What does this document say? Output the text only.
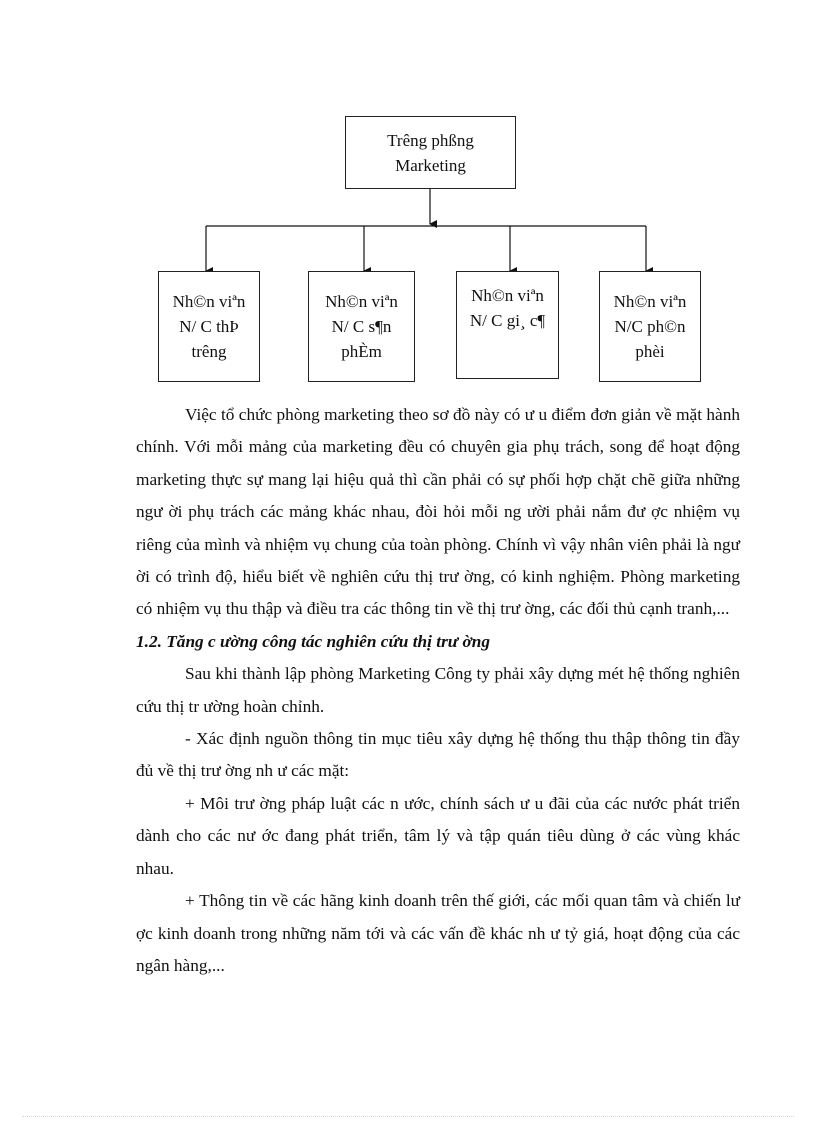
Trêng phßng
Marketing
Nh©n viªn
N/ C thÞ
trêng
Nh©n viªn
N/ C s¶n
phÈm
Nh©n viªn
N/ C gi¸ c¶
Nh©n viªn
N/C ph©n
phèi

Việc tổ chức phòng marketing theo sơ đồ này có ư u điểm đơn giản về mặt hành chính. Với mỗi mảng của marketing đều có chuyên gia phụ trách, song để hoạt động marketing thực sự mang lại hiệu quả thì cần phải có sự phối hợp chặt chẽ giữa những ngư ời phụ trách các mảng khác nhau, đòi hỏi mỗi ng ười phải nắm đư ợc nhiệm vụ riêng của mình và nhiệm vụ chung của toàn phòng. Chính vì vậy nhân viên phải là ngư ời có trình độ, hiểu biết về nghiên cứu thị trư ờng, có kinh nghiệm. Phòng marketing có nhiệm vụ thu thập và điều tra các thông tin về thị trư ờng, các đối thủ cạnh tranh,...

1.2. Tăng c ường công tác nghiên cứu thị trư ờng

Sau khi thành lập phòng Marketing Công ty phải xây dựng mét hệ thống nghiên cứu thị tr ường hoàn chỉnh.

- Xác định nguồn thông tin mục tiêu xây dựng hệ thống thu thập thông tin đầy đủ về thị trư ờng nh ư các mặt:

+ Môi trư ờng pháp luật các n ước, chính sách ư u đãi của các nước phát triển dành cho các nư ớc đang phát triển, tâm lý và tập quán tiêu dùng ở các vùng khác nhau.

+ Thông tin về các hãng kinh doanh trên thế giới, các mối quan tâm và chiến lư ợc kinh doanh trong những năm tới và các vấn đề khác nh ư tỷ giá, hoạt động của các ngân hàng,...
